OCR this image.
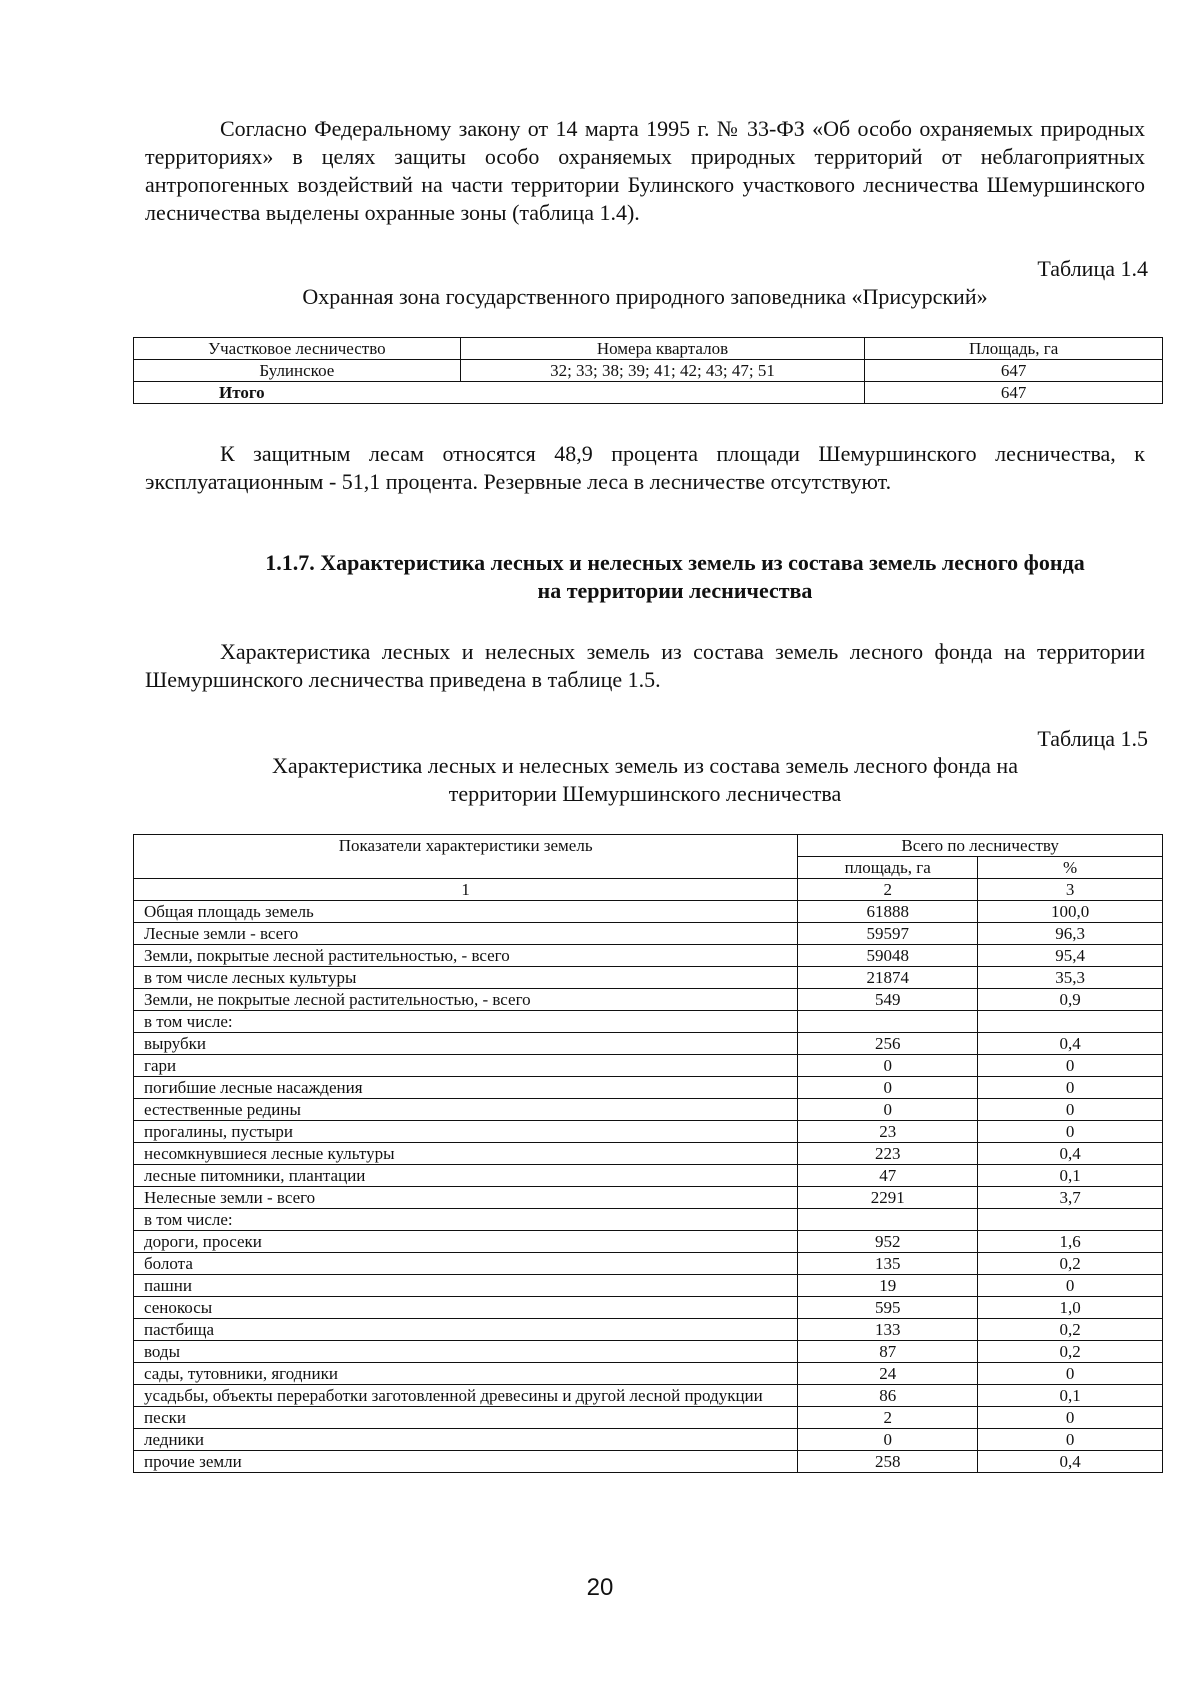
Согласно Федеральному закону от 14 марта 1995 г. № 33-ФЗ «Об особо охраняемых природных территориях» в целях защиты особо охраняемых природных территорий от неблагоприятных антропогенных воздействий на части территории Булинского участкового лесничества Шемуршинского лесничества выделены охранные зоны (таблица 1.4).

Таблица 1.4

Охранная зона государственного природного заповедника «Присурский»

Участковое лесничество	Номера кварталов	Площадь, га
Булинское	32; 33; 38; 39; 41; 42; 43; 47; 51	647
Итого		647

К защитным лесам относятся 48,9 процента площади Шемуршинского лесничества, к эксплуатационным - 51,1 процента. Резервные леса в лесничестве отсутствуют.

1.1.7. Характеристика лесных и нелесных земель из состава земель лесного фонда
на территории лесничества

Характеристика лесных и нелесных земель из состава земель лесного фонда на территории Шемуршинского лесничества приведена в таблице 1.5.

Таблица 1.5

Характеристика лесных и нелесных земель из состава земель лесного фонда на
территории Шемуршинского лесничества

Показатели характеристики земель	Всего по лесничеству	
	площадь, га	%
1	2	3
Общая площадь земель	61888	100,0
Лесные земли - всего	59597	96,3
Земли, покрытые лесной растительностью, - всего	59048	95,4
в том числе лесных культуры	21874	35,3
Земли, не покрытые лесной растительностью, - всего	549	0,9
в том числе:		
вырубки	256	0,4
гари	0	0
погибшие лесные насаждения	0	0
естественные редины	0	0
прогалины, пустыри	23	0
несомкнувшиеся лесные культуры	223	0,4
лесные питомники, плантации	47	0,1
Нелесные земли - всего	2291	3,7
в том числе:		
дороги, просеки	952	1,6
болота	135	0,2
пашни	19	0
сенокосы	595	1,0
пастбища	133	0,2
воды	87	0,2
сады, тутовники, ягодники	24	0
усадьбы, объекты переработки заготовленной древесины и другой лесной продукции	86	0,1
пески	2	0
ледники	0	0
прочие земли	258	0,4
20
